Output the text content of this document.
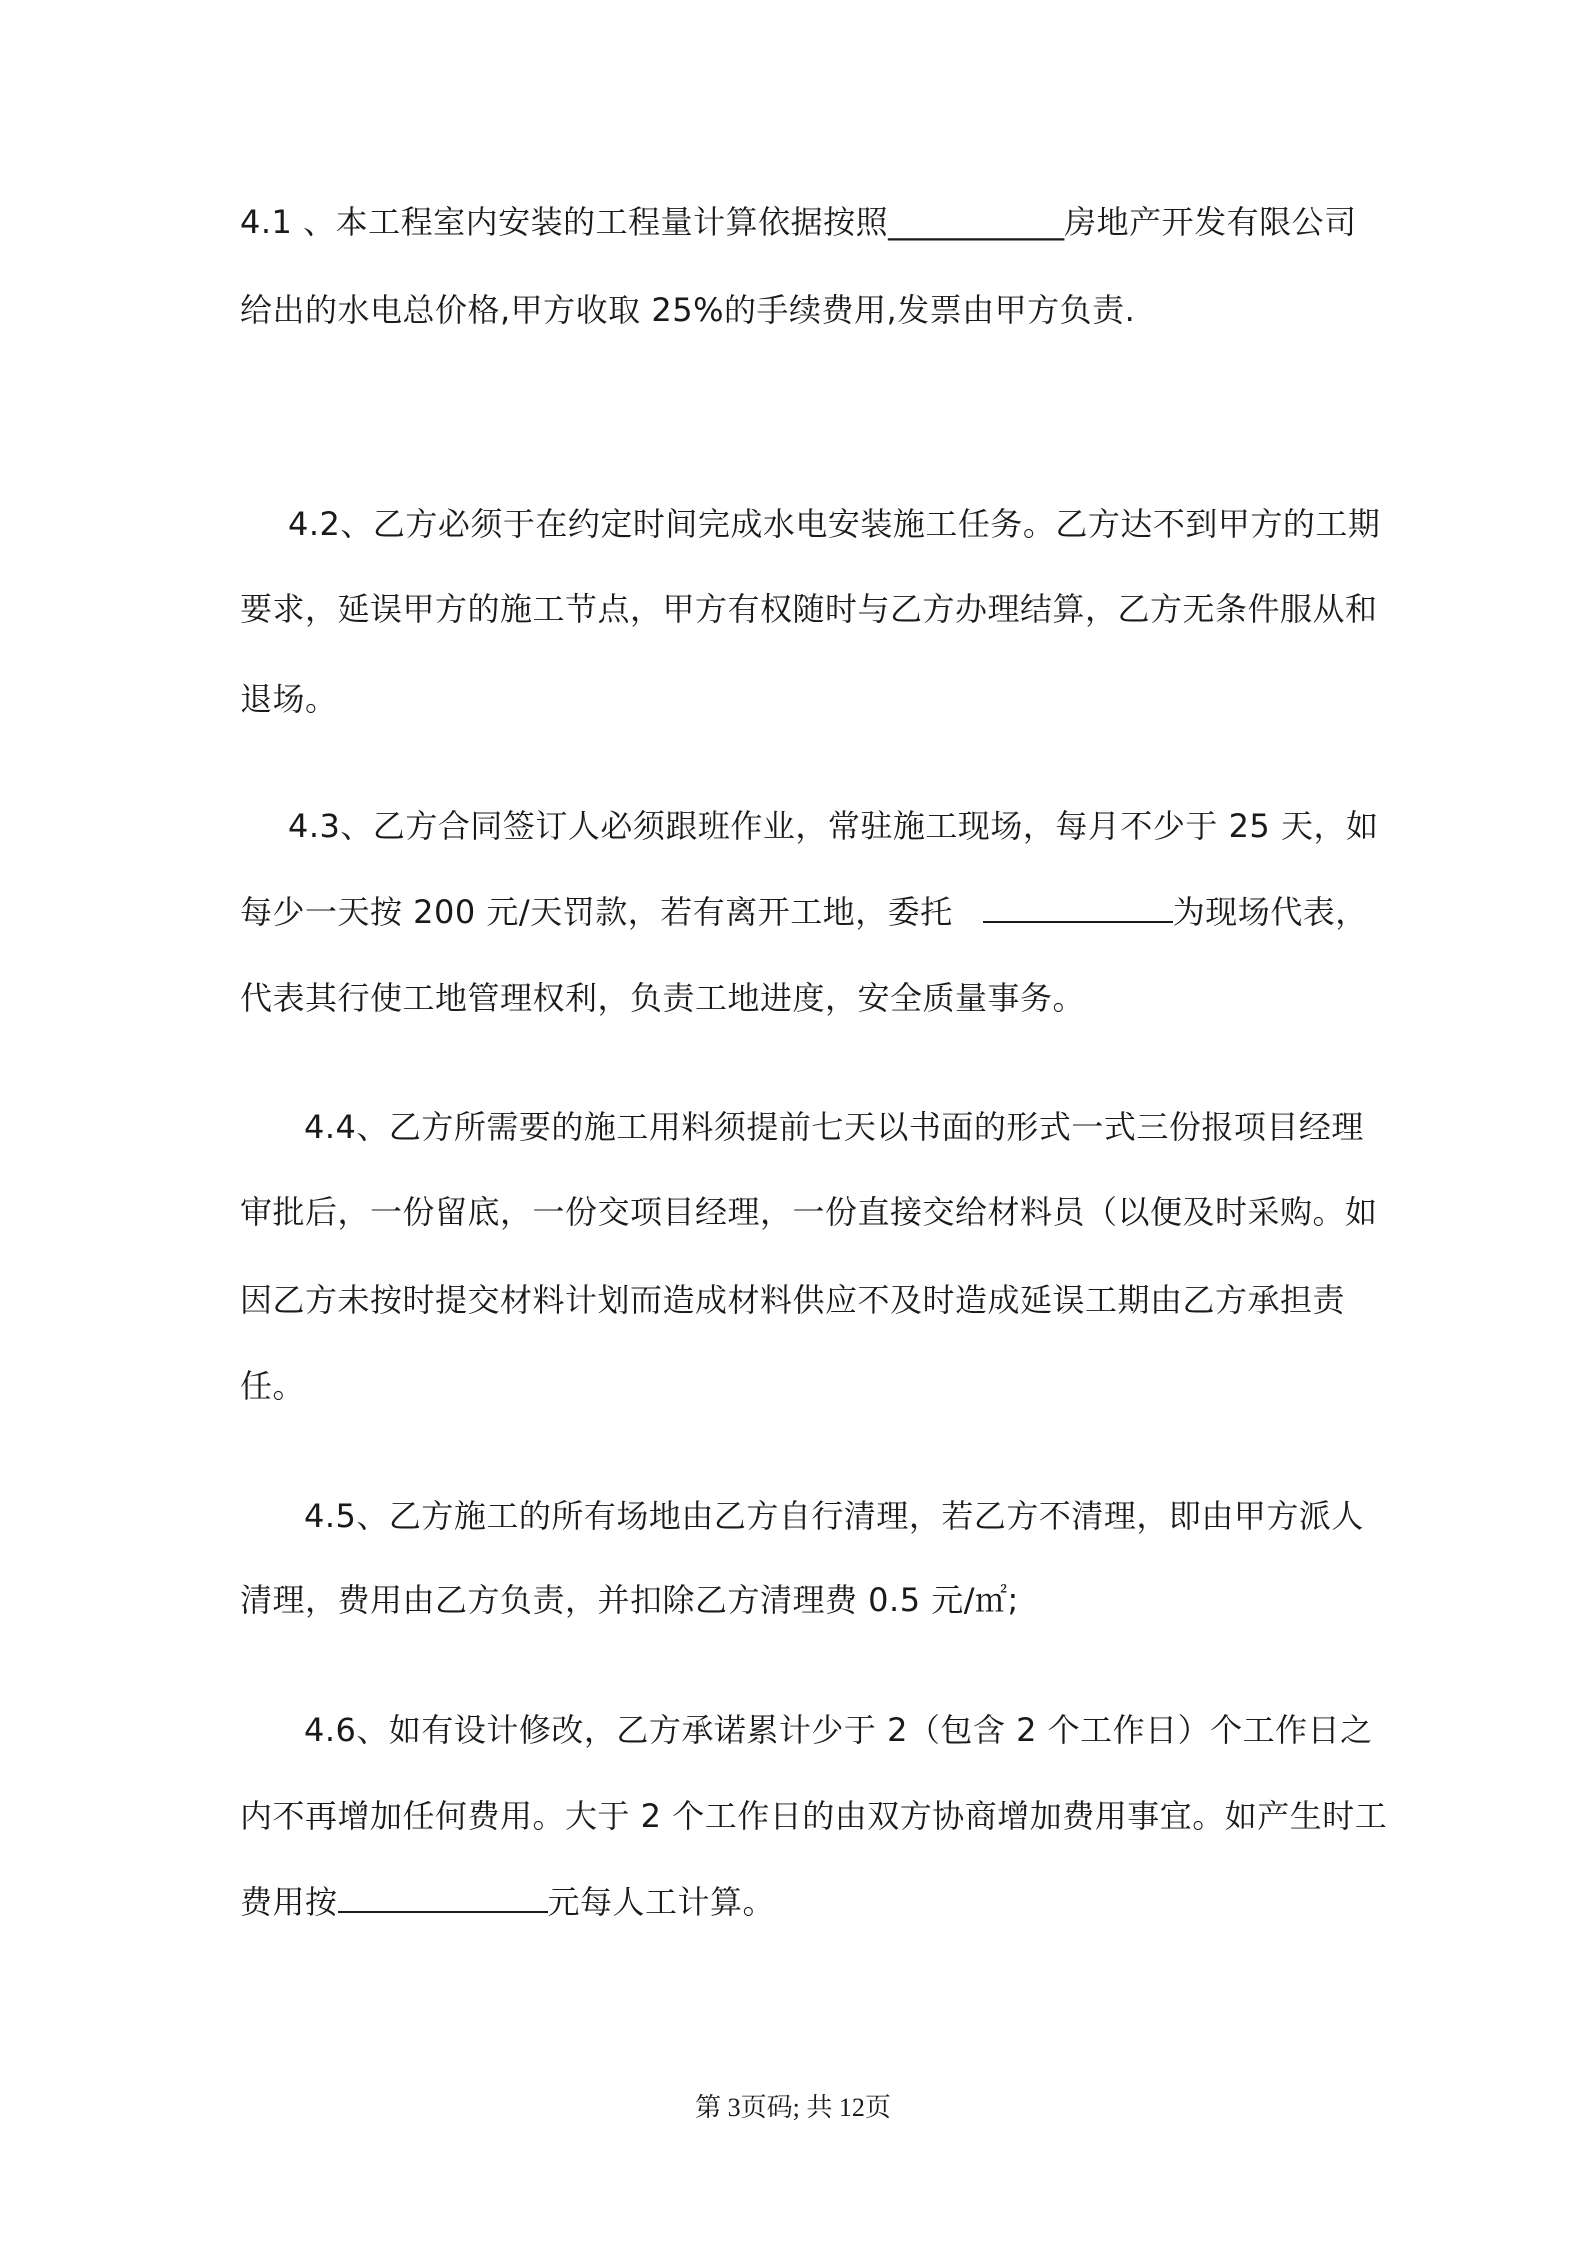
4.1 、本工程室内安装的工程量计算依据按照___________房地产开发有限公司
给出的水电总价格,甲方收取 25%的手续费用,发票由甲方负责.
4.2、乙方必须于在约定时间完成水电安装施工任务。乙方达不到甲方的工期
要求，延误甲方的施工节点，甲方有权随时与乙方办理结算，乙方无条件服从和
退场。
4.3、乙方合同签订人必须跟班作业，常驻施工现场，每月不少于 25 天，如
每少一天按 200 元/天罚款，若有离开工地，委托	为现场代表，
代表其行使工地管理权利，负责工地进度，安全质量事务。
4.4、乙方所需要的施工用料须提前七天以书面的形式一式三份报项目经理
审批后，一份留底，一份交项目经理，一份直接交给材料员（以便及时采购。如
因乙方未按时提交材料计划而造成材料供应不及时造成延误工期由乙方承担责
任。
4.5、乙方施工的所有场地由乙方自行清理，若乙方不清理，即由甲方派人
清理，费用由乙方负责，并扣除乙方清理费 0.5 元/㎡;
4.6、如有设计修改，乙方承诺累计少于 2（包含 2 个工作日）个工作日之
内不再增加任何费用。大于 2 个工作日的由双方协商增加费用事宜。如产生时工
费用按	元每人工计算。
第 3页码; 共 12页
